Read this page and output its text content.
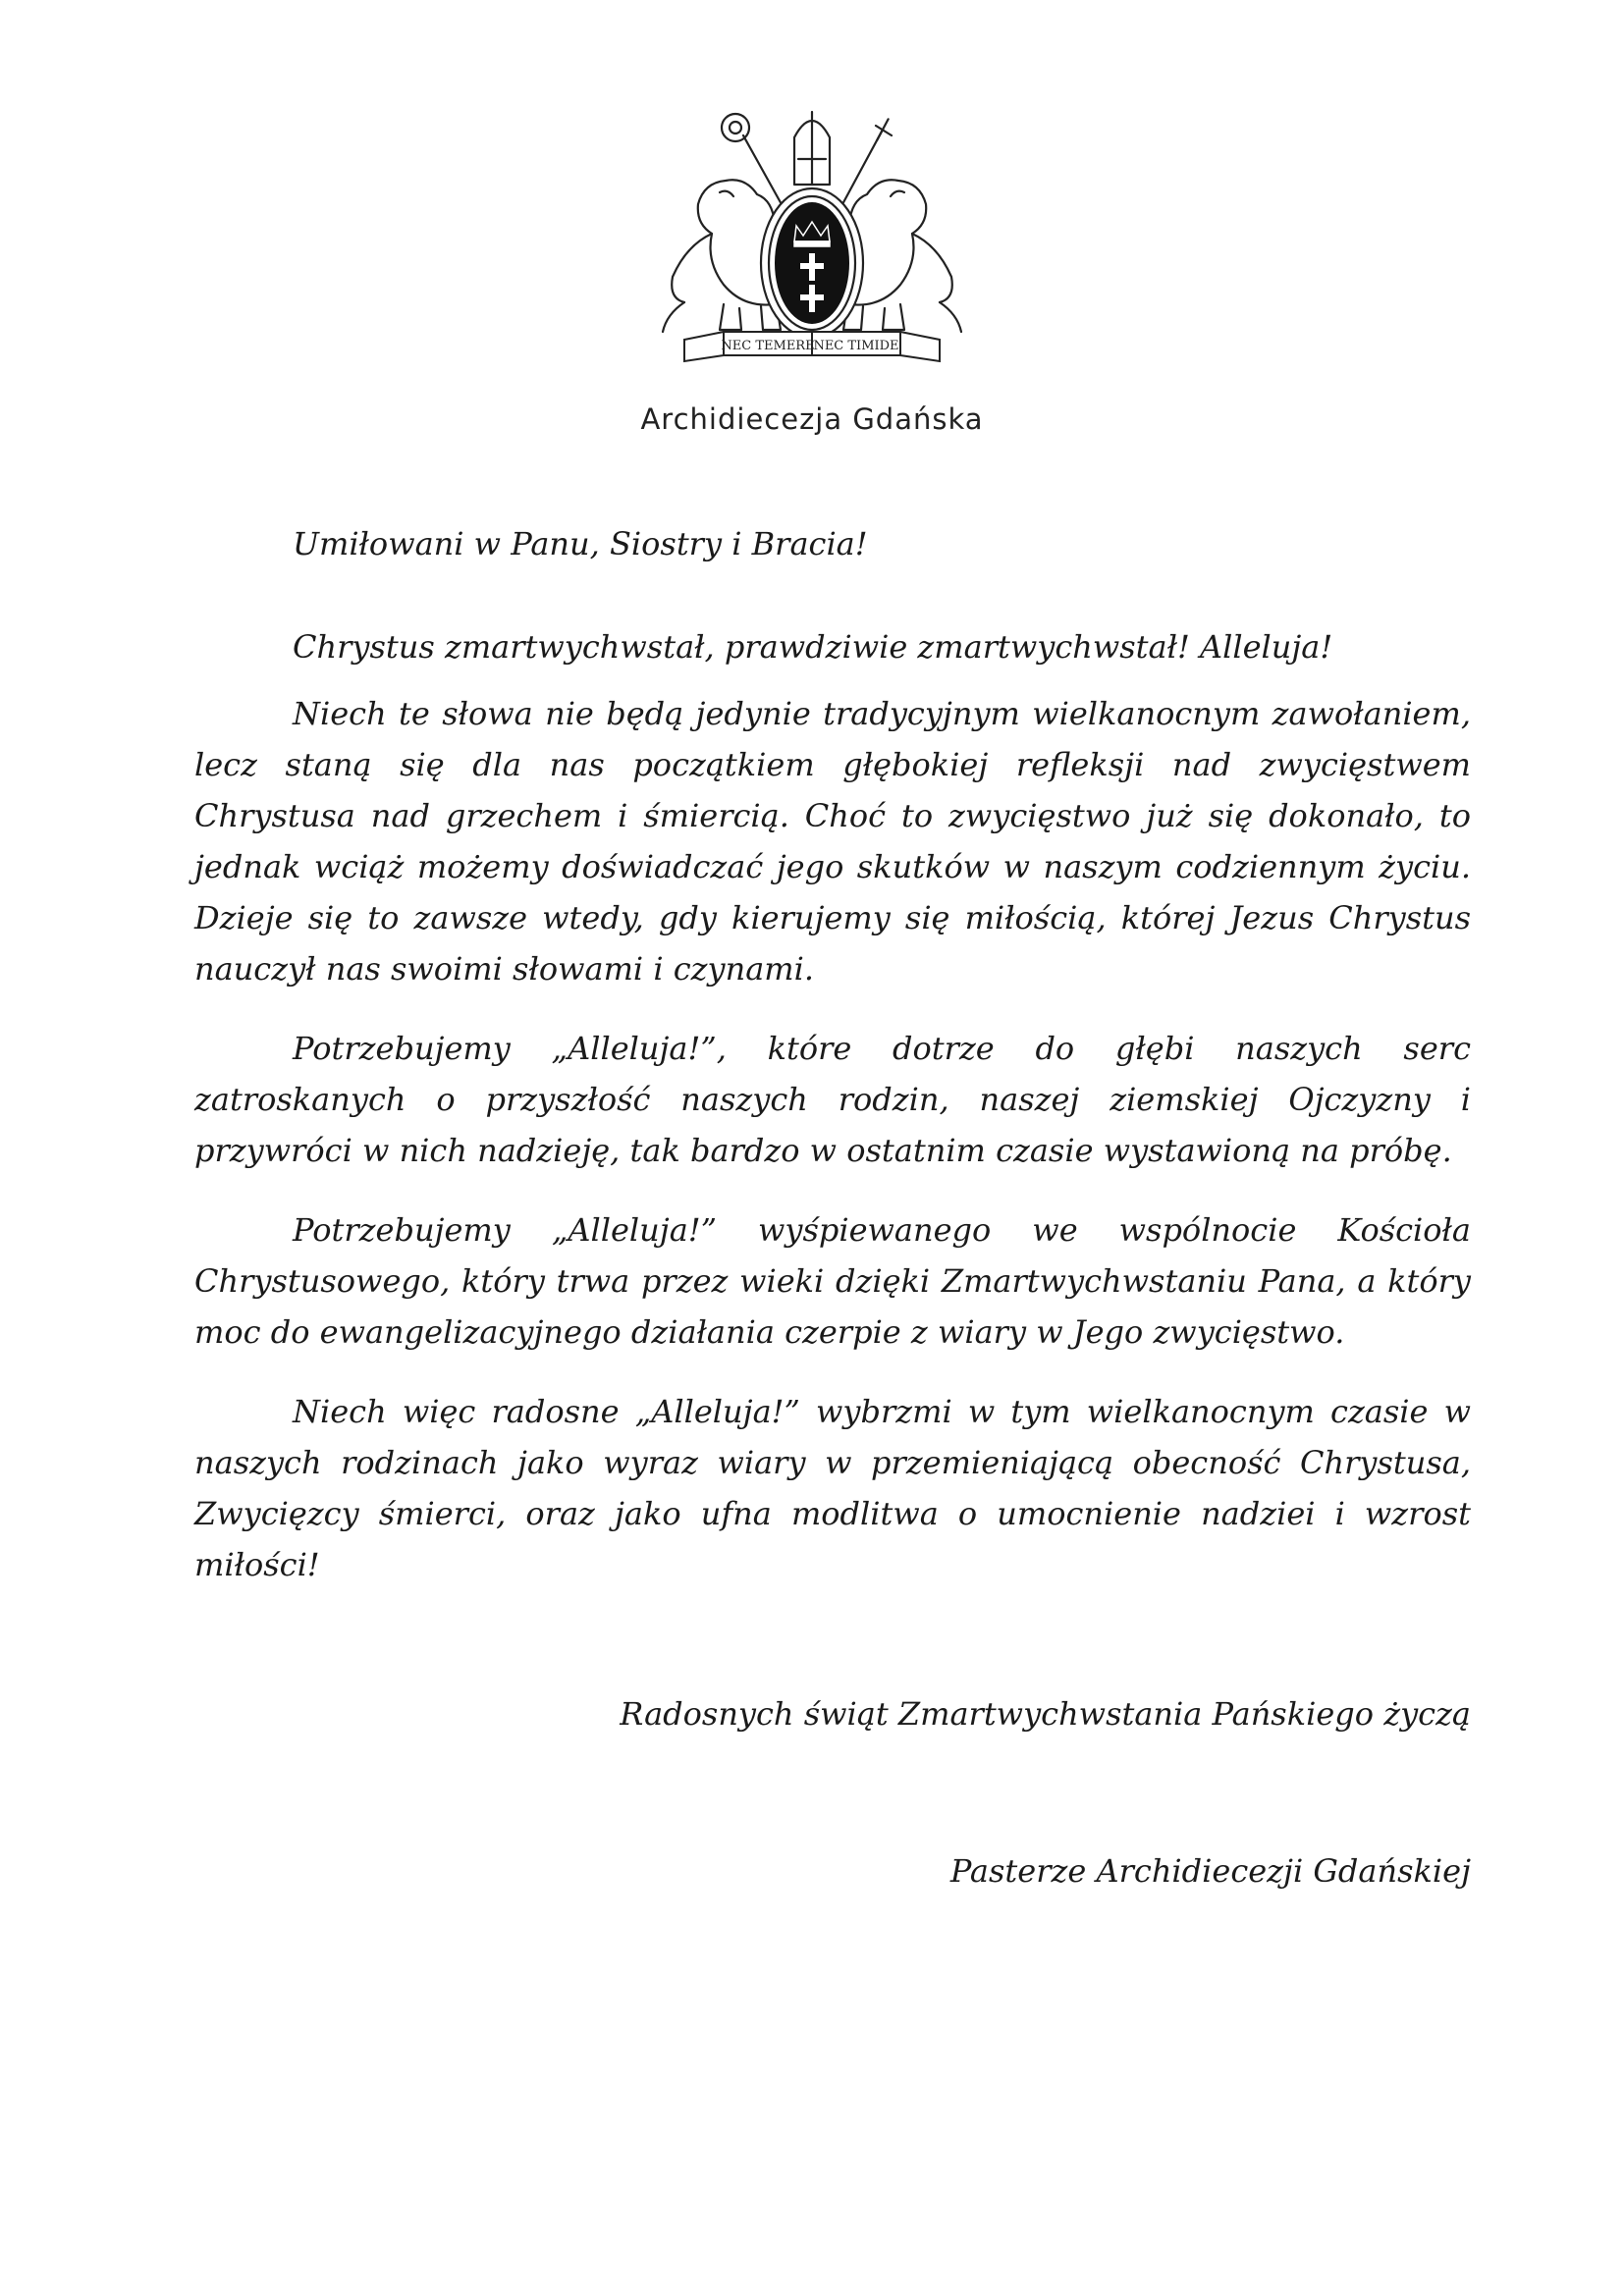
NEC TEMERE
NEC TIMIDE
Archidiecezja Gdańska

Umiłowani w Panu, Siostry i Bracia!

Chrystus zmartwychwstał, prawdziwie zmartwychwstał! Alleluja!

Niech te słowa nie będą jedynie tradycyjnym wielkanocnym zawołaniem, lecz staną się dla nas początkiem głębokiej refleksji nad zwycięstwem Chrystusa nad grzechem i śmiercią. Choć to zwycięstwo już się dokonało, to jednak wciąż możemy doświadczać jego skutków w naszym codziennym życiu. Dzieje się to zawsze wtedy, gdy kierujemy się miłością, której Jezus Chrystus nauczył nas swoimi słowami i czynami.

Potrzebujemy „Alleluja!”, które dotrze do głębi naszych serc zatroskanych o przyszłość naszych rodzin, naszej ziemskiej Ojczyzny i przywróci w nich nadzieję, tak bardzo w ostatnim czasie wystawioną na próbę.

Potrzebujemy „Alleluja!” wyśpiewanego we wspólnocie Kościoła Chrystusowego, który trwa przez wieki dzięki Zmartwychwstaniu Pana, a który moc do ewangelizacyjnego działania czerpie z wiary w Jego zwycięstwo.

Niech więc radosne „Alleluja!” wybrzmi w tym wielkanocnym czasie w naszych rodzinach jako wyraz wiary w przemieniającą obecność Chrystusa, Zwycięzcy śmierci, oraz jako ufna modlitwa o umocnienie nadziei i wzrost miłości!

Radosnych świąt Zmartwychwstania Pańskiego życzą

Pasterze Archidiecezji Gdańskiej
